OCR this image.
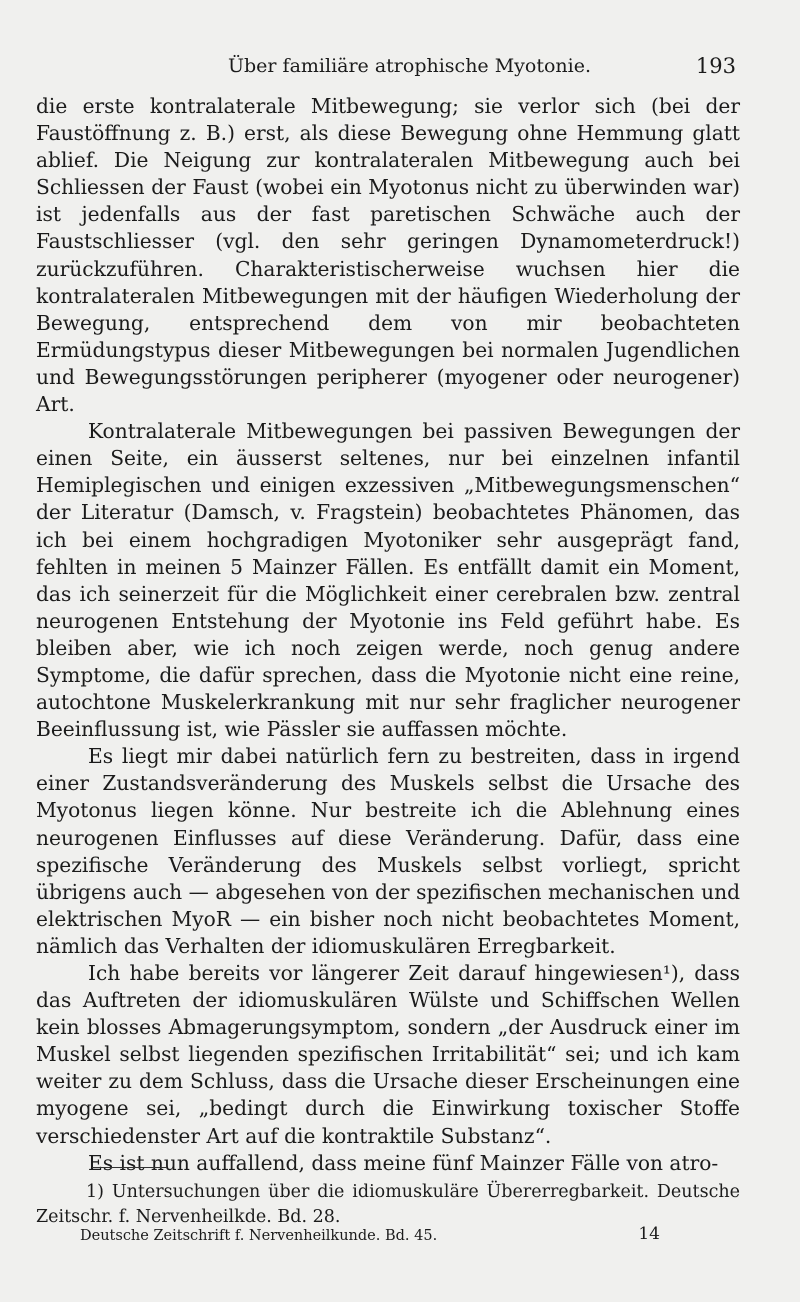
Über familiäre atrophische Myotonie.	193

die erste kontralaterale Mitbewegung; sie verlor sich (bei der Faustöffnung z. B.) erst, als diese Bewegung ohne Hemmung glatt ablief. Die Neigung zur kontralateralen Mitbewegung auch bei Schliessen der Faust (wobei ein Myotonus nicht zu überwinden war) ist jedenfalls aus der fast paretischen Schwäche auch der Faustschliesser (vgl. den sehr geringen Dynamometerdruck!) zurückzuführen. Charakteristischerweise wuchsen hier die kontralateralen Mitbewegungen mit der häufigen Wiederholung der Bewegung, entsprechend dem von mir beobachteten Ermüdungstypus dieser Mitbewegungen bei normalen Jugendlichen und Bewegungsstörungen peripherer (myogener oder neurogener) Art.

Kontralaterale Mitbewegungen bei passiven Bewegungen der einen Seite, ein äusserst seltenes, nur bei einzelnen infantil Hemiplegischen und einigen exzessiven „Mitbewegungsmenschen“ der Literatur (Damsch, v. Fragstein) beobachtetes Phänomen, das ich bei einem hochgradigen Myotoniker sehr ausgeprägt fand, fehlten in meinen 5 Mainzer Fällen. Es entfällt damit ein Moment, das ich seinerzeit für die Möglichkeit einer cerebralen bzw. zentral neurogenen Entstehung der Myotonie ins Feld geführt habe. Es bleiben aber, wie ich noch zeigen werde, noch genug andere Symptome, die dafür sprechen, dass die Myotonie nicht eine reine, autochtone Muskelerkrankung mit nur sehr fraglicher neurogener Beeinflussung ist, wie Pässler sie auffassen möchte.

Es liegt mir dabei natürlich fern zu bestreiten, dass in irgend einer Zustandsveränderung des Muskels selbst die Ursache des Myotonus liegen könne. Nur bestreite ich die Ablehnung eines neurogenen Einflusses auf diese Veränderung. Dafür, dass eine spezifische Veränderung des Muskels selbst vorliegt, spricht übrigens auch — abgesehen von der spezifischen mechanischen und elektrischen MyoR — ein bisher noch nicht beobachtetes Moment, nämlich das Verhalten der idiomuskulären Erregbarkeit.

Ich habe bereits vor längerer Zeit darauf hingewiesen¹), dass das Auftreten der idiomuskulären Wülste und Schiffschen Wellen kein blosses Abmagerungsymptom, sondern „der Ausdruck einer im Muskel selbst liegenden spezifischen Irritabilität“ sei; und ich kam weiter zu dem Schluss, dass die Ursache dieser Erscheinungen eine myogene sei, „bedingt durch die Einwirkung toxischer Stoffe verschiedenster Art auf die kontraktile Substanz“.

Es ist nun auffallend, dass meine fünf Mainzer Fälle von atro-

1) Untersuchungen über die idiomuskuläre Übererregbarkeit. Deutsche Zeitschr. f. Nervenheilkde. Bd. 28.

Deutsche Zeitschrift f. Nervenheilkunde. Bd. 45.	14
